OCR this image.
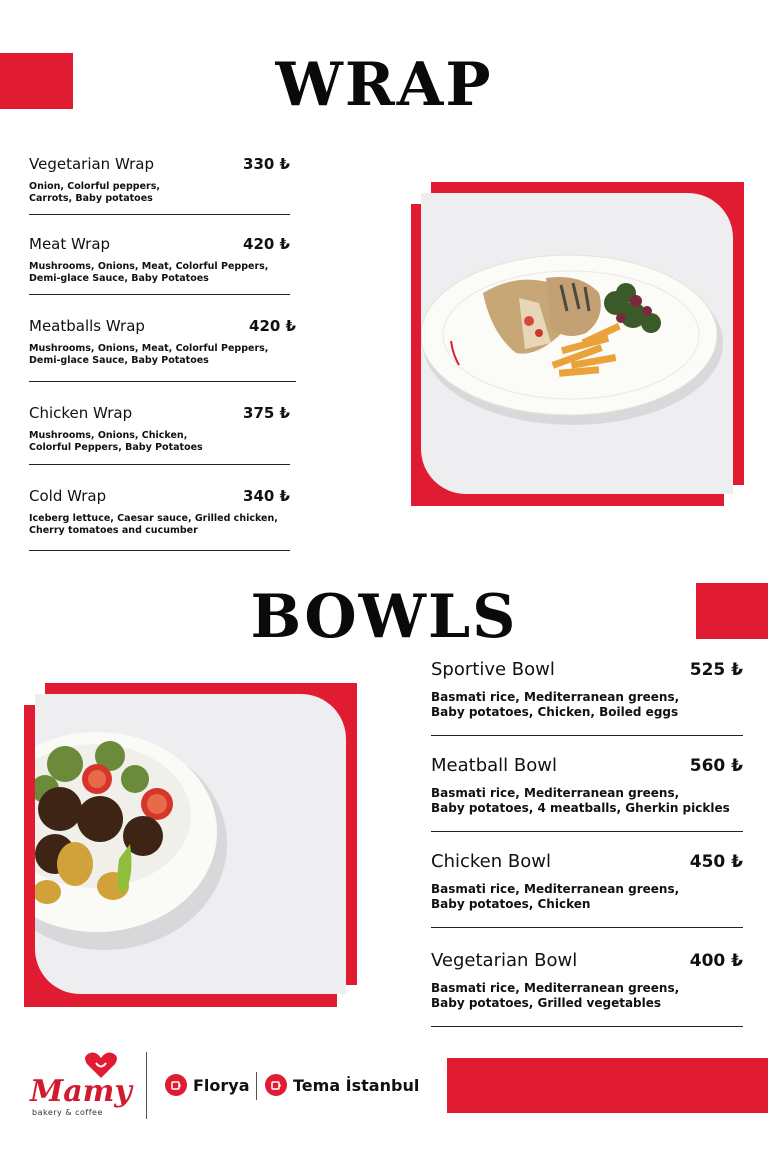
WRAP
Vegetarian Wrap	330 ₺
Onion, Colorful peppers,
Carrots, Baby potatoes
Meat Wrap	420 ₺
Mushrooms, Onions, Meat, Colorful Peppers,
Demi-glace Sauce, Baby Potatoes
Meatballs Wrap	420 ₺
Mushrooms, Onions, Meat, Colorful Peppers,
Demi-glace Sauce, Baby Potatoes
Chicken Wrap	375 ₺
Mushrooms, Onions, Chicken,
Colorful Peppers, Baby Potatoes
Cold Wrap	340 ₺
Iceberg lettuce, Caesar sauce, Grilled chicken,
Cherry tomatoes and cucumber
BOWLS
Sportive Bowl	525 ₺
Basmati rice, Mediterranean greens,
Baby potatoes, Chicken, Boiled eggs
Meatball Bowl	560 ₺
Basmati rice, Mediterranean greens,
Baby potatoes, 4 meatballs, Gherkin pickles
Chicken Bowl	450 ₺
Basmati rice, Mediterranean greens,
Baby potatoes, Chicken
Vegetarian Bowl	400 ₺
Basmati rice, Mediterranean greens,
Baby potatoes, Grilled vegetables
Mamy
bakery & coffee
Florya	Tema İstanbul
